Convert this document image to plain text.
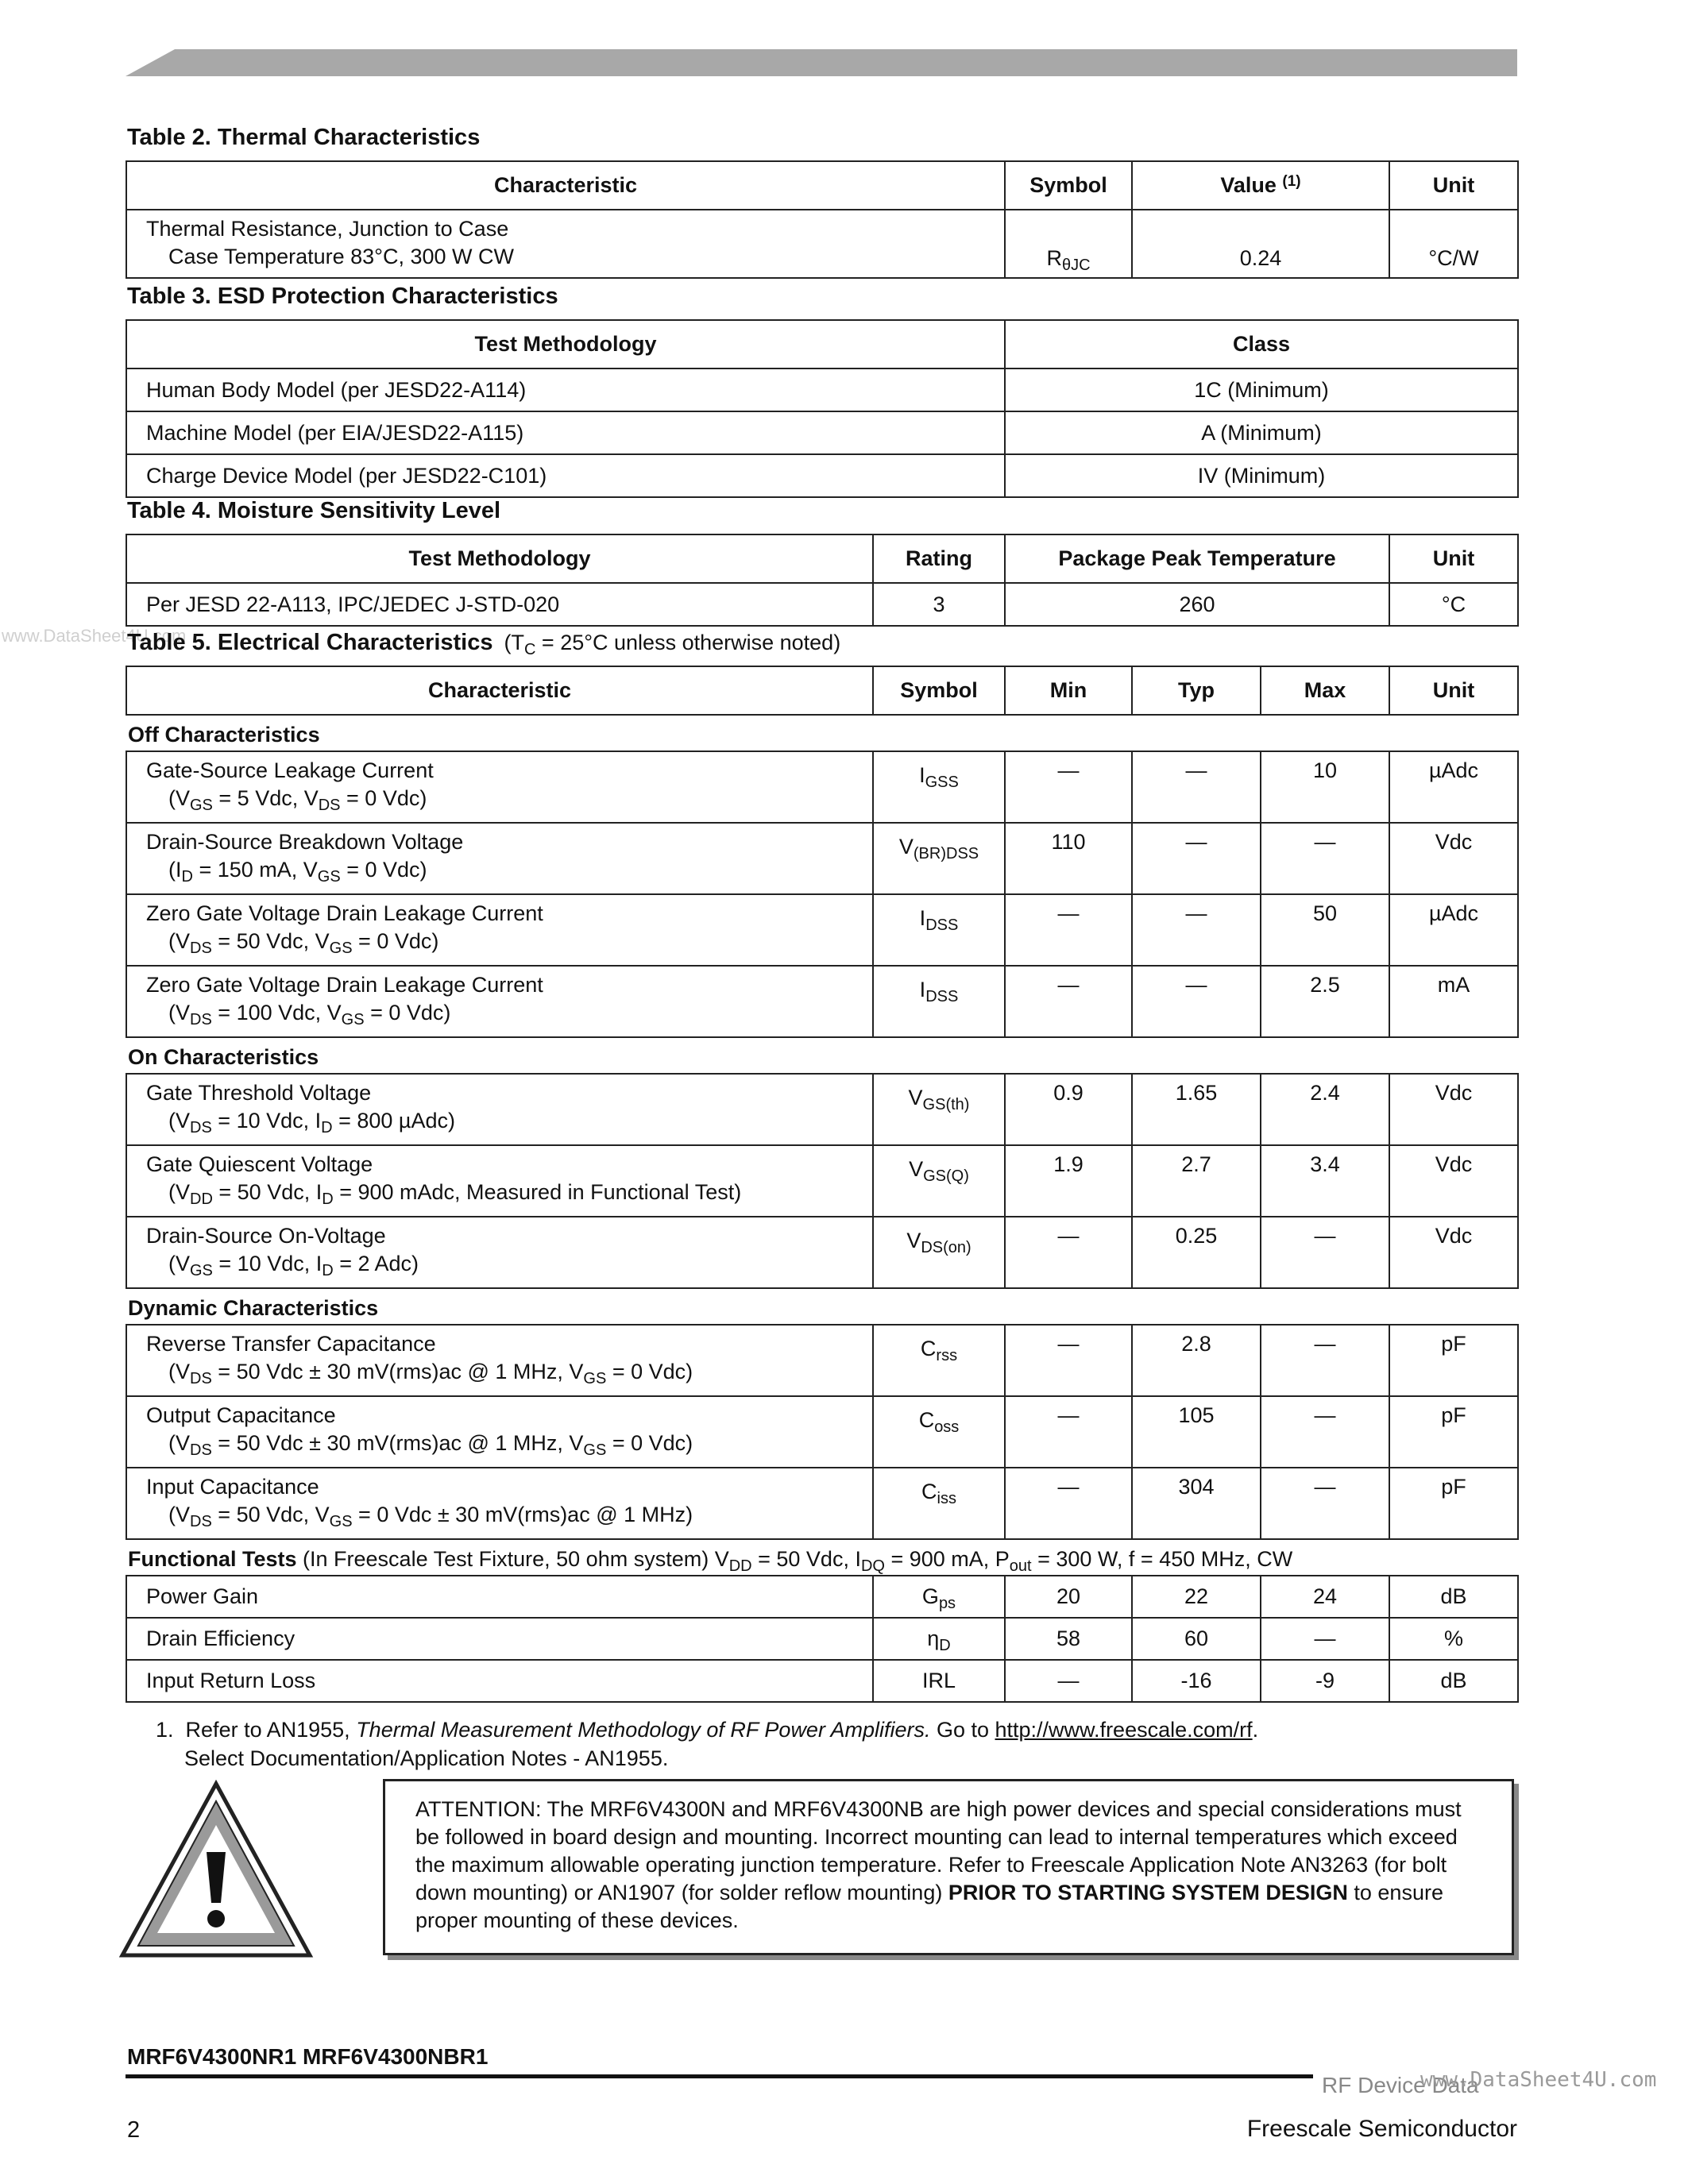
Table 2. Thermal Characteristics
Characteristic	Symbol	Value $^{(1)}$	Unit
Thermal Resistance, Junction to Case
Case Temperature 83°C, 300 W CW	$R_{\theta JC}$	0.24	°C/W
Table 3. ESD Protection Characteristics
Test Methodology	Class
Human Body Model (per JESD22-A114)	1C (Minimum)
Machine Model (per EIA/JESD22-A115)	A (Minimum)
Charge Device Model (per JESD22-C101)	IV (Minimum)
Table 4. Moisture Sensitivity Level
Test Methodology	Rating	Package Peak Temperature	Unit
Per JESD 22-A113, IPC/JEDEC J-STD-020	3	260	°C
www.DataSheet4U.com
Table 5. Electrical Characteristics ($T_C = 25^\circ C$ unless otherwise noted)
Characteristic	Symbol	Min	Typ	Max	Unit
Off Characteristics					
Gate-Source Leakage Current
($V_{GS} = 5$ Vdc, $V_{DS} = 0$ Vdc)	$I_{GSS}$	—	—	10	µAdc
Drain-Source Breakdown Voltage
($I_D = 150$ mA, $V_{GS} = 0$ Vdc)	$V_{(BR)DSS}$	110	—	—	Vdc
Zero Gate Voltage Drain Leakage Current
($V_{DS} = 50$ Vdc, $V_{GS} = 0$ Vdc)	$I_{DSS}$	—	—	50	µAdc
Zero Gate Voltage Drain Leakage Current
($V_{DS} = 100$ Vdc, $V_{GS} = 0$ Vdc)	$I_{DSS}$	—	—	2.5	mA
On Characteristics					
Gate Threshold Voltage
($V_{DS} = 10$ Vdc, $I_D = 800$ µAdc)	$V_{GS(th)}$	0.9	1.65	2.4	Vdc
Gate Quiescent Voltage
($V_{DD} = 50$ Vdc, $I_D = 900$ mAdc, Measured in Functional Test)	$V_{GS(Q)}$	1.9	2.7	3.4	Vdc
Drain-Source On-Voltage
($V_{GS} = 10$ Vdc, $I_D = 2$ Adc)	$V_{DS(on)}$	—	0.25	—	Vdc
Dynamic Characteristics					
Reverse Transfer Capacitance
($V_{DS} = 50$ Vdc ± 30 mV(rms)ac @ 1 MHz, $V_{GS} = 0$ Vdc)	$C_{rss}$	—	2.8	—	pF
Output Capacitance
($V_{DS} = 50$ Vdc ± 30 mV(rms)ac @ 1 MHz, $V_{GS} = 0$ Vdc)	$C_{oss}$	—	105	—	pF
Input Capacitance
($V_{DS} = 50$ Vdc, $V_{GS} = 0$ Vdc ± 30 mV(rms)ac @ 1 MHz)	$C_{iss}$	—	304	—	pF
Functional Tests (In Freescale Test Fixture, 50 ohm system) $V_{DD} = 50$ Vdc, $I_{DQ} = 900$ mA, $P_{out} = 300$ W, f = 450 MHz, CW					
Power Gain	$G_{ps}$	20	22	24	dB
Drain Efficiency	$\eta_D$	58	60	—	%
Input Return Loss	IRL	—	-16	-9	dB
1. Refer to AN1955, Thermal Measurement Methodology of RF Power Amplifiers. Go to http://www.freescale.com/rf.
Select Documentation/Application Notes - AN1955.
ATTENTION: The MRF6V4300N and MRF6V4300NB are high power devices and special considerations must be followed in board design and mounting. Incorrect mounting can lead to internal temperatures which exceed the maximum allowable operating junction temperature. Refer to Freescale Application Note AN3263 (for bolt down mounting) or AN1907 (for solder reflow mounting) PRIOR TO STARTING SYSTEM DESIGN to ensure proper mounting of these devices.
MRF6V4300NR1 MRF6V4300NBR1
RF Device Data
www.DataSheet4U.com
2	Freescale Semiconductor
